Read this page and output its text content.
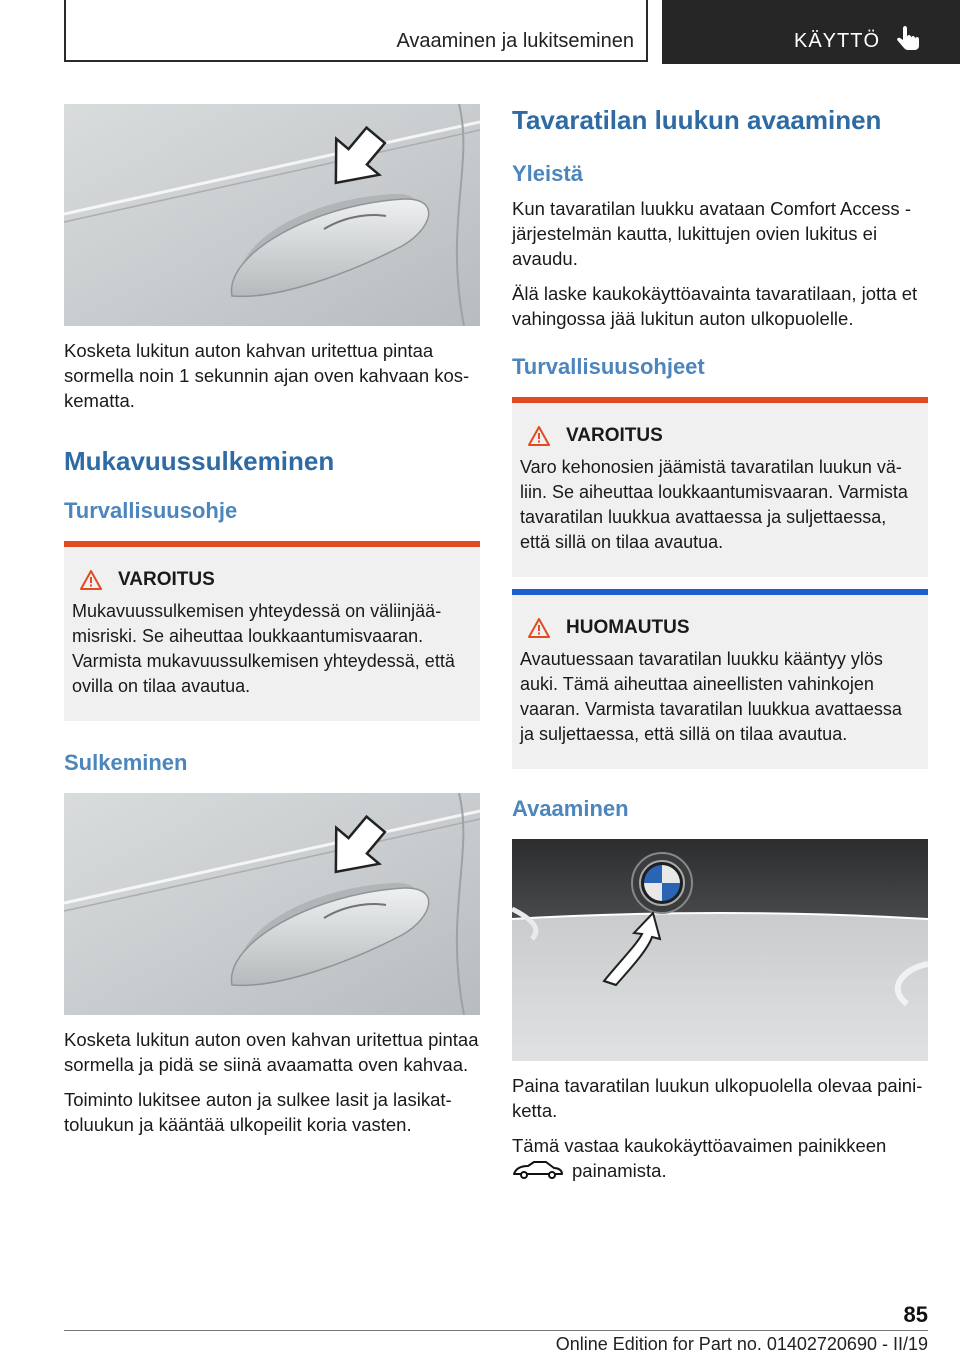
Avaaminen ja lukitseminen	KÄYTTÖ

Kosketa lukitun auton kahvan uritettua pintaa sormella noin 1 sekunnin ajan oven kahvaan koskematta.

Mukavuussulkeminen
Turvallisuusohje
VAROITUS

Mukavuussulkemisen yhteydessä on väliinjäämisriski. Se aiheuttaa loukkaantumisvaaran. Varmista mukavuussulkemisen yhteydessä, että ovilla on tilaa avautua.

Sulkeminen

Kosketa lukitun auton oven kahvan uritettua pintaa sormella ja pidä se siinä avaamatta oven kahvaa.

Toiminto lukitsee auton ja sulkee lasit ja lasikattoluukun ja kääntää ulkopeilit koria vasten.

Tavaratilan luukun avaaminen
Yleistä

Kun tavaratilan luukku avataan Comfort Access -järjestelmän kautta, lukittujen ovien lukitus ei avaudu.

Älä laske kaukokäyttöavainta tavaratilaan, jotta et vahingossa jää lukitun auton ulkopuolelle.

Turvallisuusohjeet
VAROITUS

Varo kehonosien jäämistä tavaratilan luukun väliin. Se aiheuttaa loukkaantumisvaaran. Varmista tavaratilan luukkua avattaessa ja suljettaessa, että sillä on tilaa avautua.

HUOMAUTUS

Avautuessaan tavaratilan luukku kääntyy ylös auki. Tämä aiheuttaa aineellisten vahinkojen vaaran. Varmista tavaratilan luukkua avattaessa ja suljettaessa, että sillä on tilaa avautua.

Avaaminen

Paina tavaratilan luukun ulkopuolella olevaa painiketta.

Tämä vastaa kaukokäyttöavaimen painikkeen
painamista.

85
Online Edition for Part no. 01402720690 - II/19
